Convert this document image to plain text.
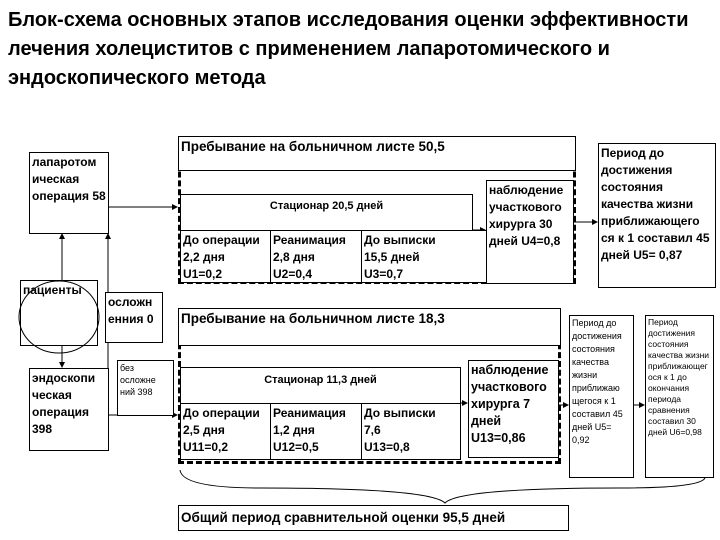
Блок-схема основных этапов исследования оценки эффективности лечения холециститов с применением лапаротомического и эндоскопического метода
лапаротом ическая операция 58
пациенты
осложн енния 0
эндоскопи ческая операция 398
без осложне ний 398
Пребывание на больничном листе 50,5
Стационар 20,5 дней
До операции
2,2 дня
U1=0,2
Реанимация
2,8 дня
U2=0,4
До выписки
15,5 дней
U3=0,7
наблюдение участкового хирурга 30 дней U4=0,8
Период до достижения состояния качества жизни приближающего ся к 1 составил 45 дней U5= 0,87
Пребывание на больничном листе 18,3
Стационар 11,3 дней
До операции
2,5 дня
U11=0,2
Реанимация
1,2 дня
U12=0,5
До выписки
7,6
U13=0,8
наблюдение участкового хирурга 7 дней U13=0,86
Период до достижения состояния качества жизни приближаю щегося к 1 составил 45 дней U5= 0,92
Период достижения состояния качества жизни приближающег ося к 1 до окончания периода сравнения составил 30 дней U6=0,98
Общий период сравнительной оценки 95,5 дней
